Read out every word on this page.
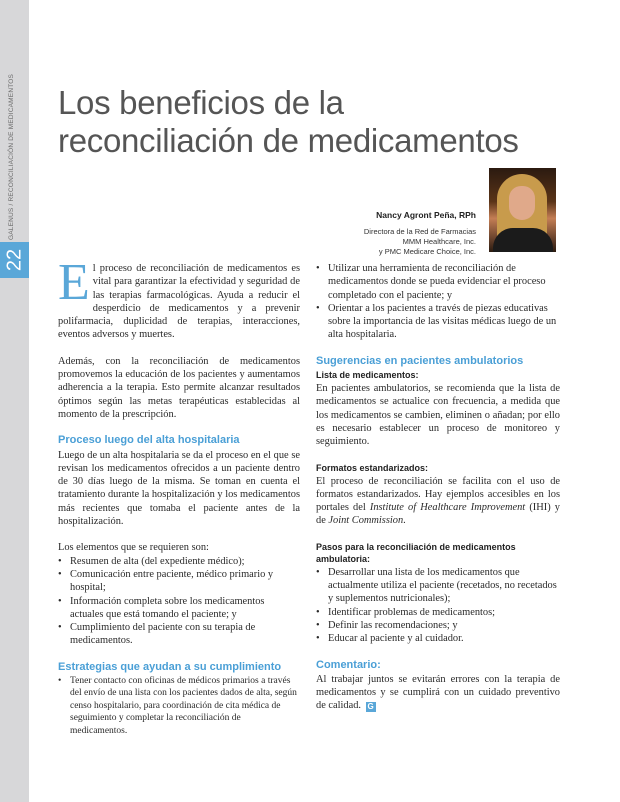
GALENUS / RECONCILIACIÓN DE MEDICAMENTOS
22
Los beneficios de la
reconciliación de medicamentos
Nancy Agront Peña, RPh
Directora de la Red de Farmacias
MMM Healthcare, Inc.
y PMC Medicare Choice, Inc.

El proceso de reconciliación de medicamentos es vital para garantizar la efectividad y seguridad de las terapias farmacológicas. Ayuda a reducir el desperdicio de medicamentos y a prevenir polifarmacia, duplicidad de terapias, interacciones, eventos adversos y muertes.

Además, con la reconciliación de medicamentos promovemos la educación de los pacientes y aumentamos adherencia a la terapia. Esto permite alcanzar resultados óptimos según las metas terapéuticas establecidas al momento de la prescripción.

Proceso luego del alta hospitalaria

Luego de un alta hospitalaria se da el proceso en el que se revisan los medicamentos ofrecidos a un paciente dentro de 30 días luego de la misma. Se toman en cuenta el tratamiento durante la hospitalización y los medicamentos más recientes que tomaba el paciente antes de la hospitalización.

Los elementos que se requieren son:

• Resumen de alta (del expediente médico);
• Comunicación entre paciente, médico primario y hospital;
• Información completa sobre los medicamentos actuales que está tomando el paciente; y
• Cumplimiento del paciente con su terapia de medicamentos.
Estrategias que ayudan a su cumplimiento
• Tener contacto con oficinas de médicos primarios a través del envío de una lista con los pacientes dados de alta, según censo hospitalario, para coordinación de cita médica de seguimiento y completar la reconciliación de medicamentos.
• Utilizar una herramienta de reconciliación de medicamentos donde se pueda evidenciar el proceso completado con el paciente; y
• Orientar a los pacientes a través de piezas educativas sobre la importancia de las visitas médicas luego de un alta hospitalaria.
Sugerencias en pacientes ambulatorios
Lista de medicamentos:

En pacientes ambulatorios, se recomienda que la lista de medicamentos se actualice con frecuencia, a medida que los medicamentos se cambien, eliminen o añadan; por ello es necesario establecer un proceso de monitoreo y seguimiento.

Formatos estandarizados:

El proceso de reconciliación se facilita con el uso de formatos estandarizados. Hay ejemplos accesibles en los portales del Institute of Healthcare Improvement (IHI) y de Joint Commission.

Pasos para la reconciliación de medicamentos ambulatoria:
• Desarrollar una lista de los medicamentos que actualmente utiliza el paciente (recetados, no recetados y suplementos nutricionales);
• Identificar problemas de medicamentos;
• Definir las recomendaciones; y
• Educar al paciente y al cuidador.
Comentario:

Al trabajar juntos se evitarán errores con la terapia de medicamentos y se cumplirá con un cuidado preventivo de calidad. G
